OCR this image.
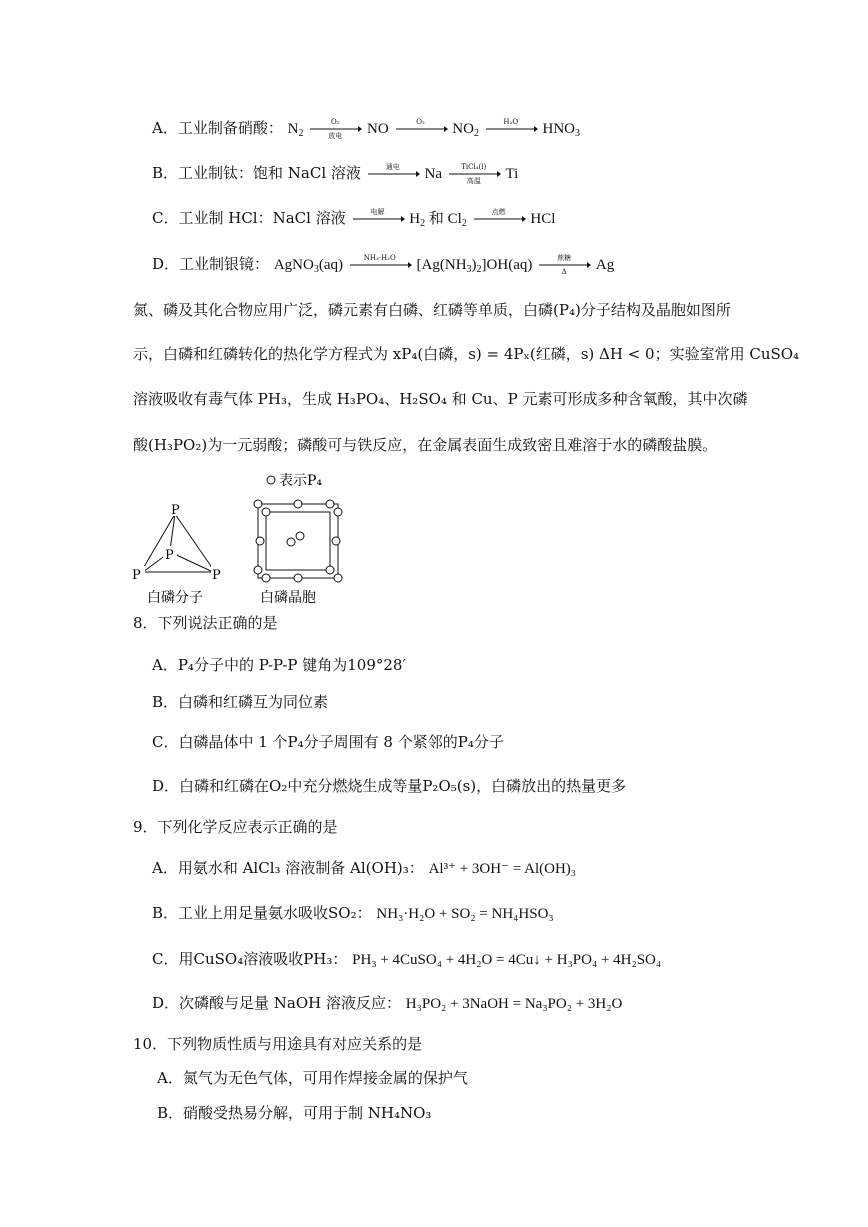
A．工业制备硝酸： $N_2$
O₂
放电	NO	O₂	$NO_2$
H₂O	$HNO_3$
B．工业制钛：饱和 NaCl 溶液	通电	Na	TiCl₄(l)
高温	Ti
C．工业制 HCl：NaCl 溶液	电解	$H_2$ 和 $Cl_2$
点燃	HCl
D．工业制银镜： AgNO$_3$(aq)	NH₃·H₂O	$[Ag(NH_3)_2]OH(aq)$	蔗糖
Δ	Ag
氮、磷及其化合物应用广泛，磷元素有白磷、红磷等单质，白磷(P₄)分子结构及晶胞如图所
示，白磷和红磷转化的热化学方程式为 xP₄(白磷，s) = 4Pₓ(红磷，s) ΔH < 0；实验室常用 CuSO₄
溶液吸收有毒气体 PH₃，生成 H₃PO₄、H₂SO₄ 和 Cu、P 元素可形成多种含氧酸，其中次磷
酸(H₃PO₂)为一元弱酸；磷酸可与铁反应，在金属表面生成致密且难溶于水的磷酸盐膜。
P
P
P	P
表示P₄
白磷分子	白磷晶胞
8．下列说法正确的是
A．P₄分子中的 P-P-P 键角为109°28′
B．白磷和红磷互为同位素
C．白磷晶体中 1 个P₄分子周围有 8 个紧邻的P₄分子
D．白磷和红磷在O₂中充分燃烧生成等量P₂O₅(s)，白磷放出的热量更多
9．下列化学反应表示正确的是
A．用氨水和 AlCl₃ 溶液制备 Al(OH)₃： Al³⁺ + 3OH⁻ = Al(OH)₃
B．工业上用足量氨水吸收SO₂： NH₃·H₂O + SO₂ = NH₄HSO₃
C．用CuSO₄溶液吸收PH₃： PH₃ + 4CuSO₄ + 4H₂O = 4Cu↓ + H₃PO₄ + 4H₂SO₄
D．次磷酸与足量 NaOH 溶液反应： H₃PO₂ + 3NaOH = Na₃PO₂ + 3H₂O
10．下列物质性质与用途具有对应关系的是
A．氮气为无色气体，可用作焊接金属的保护气
B．硝酸受热易分解，可用于制 NH₄NO₃
